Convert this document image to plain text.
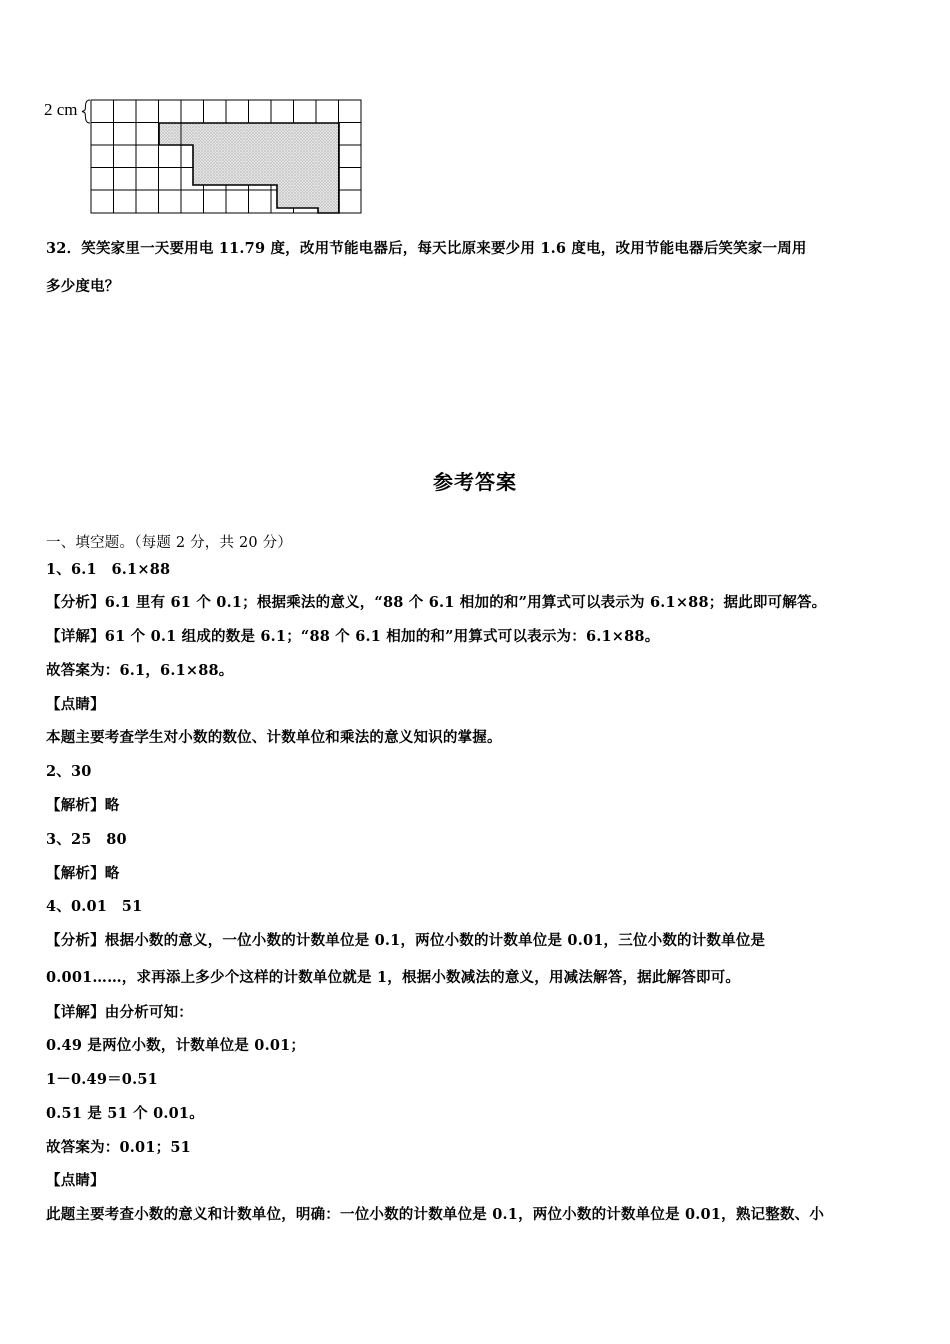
2 cm
32．笑笑家里一天要用电 11.79 度，改用节能电器后，每天比原来要少用 1.6 度电，改用节能电器后笑笑家一周用
多少度电？
参考答案
一、填空题。（每题 2 分，共 20 分）
1、6.1　6.1×88
【分析】6.1 里有 61 个 0.1；根据乘法的意义，“88 个 6.1 相加的和”用算式可以表示为 6.1×88；据此即可解答。
【详解】61 个 0.1 组成的数是 6.1；“88 个 6.1 相加的和”用算式可以表示为：6.1×88。
故答案为：6.1，6.1×88。
【点睛】
本题主要考查学生对小数的数位、计数单位和乘法的意义知识的掌握。
2、30
【解析】略
3、25　80
【解析】略
4、0.01　51
【分析】根据小数的意义，一位小数的计数单位是 0.1，两位小数的计数单位是 0.01，三位小数的计数单位是
0.001……，求再添上多少个这样的计数单位就是 1，根据小数减法的意义，用减法解答，据此解答即可。
【详解】由分析可知：
0.49 是两位小数，计数单位是 0.01；
1－0.49＝0.51
0.51 是 51 个 0.01。
故答案为：0.01；51
【点睛】
此题主要考查小数的意义和计数单位，明确：一位小数的计数单位是 0.1，两位小数的计数单位是 0.01，熟记整数、小
